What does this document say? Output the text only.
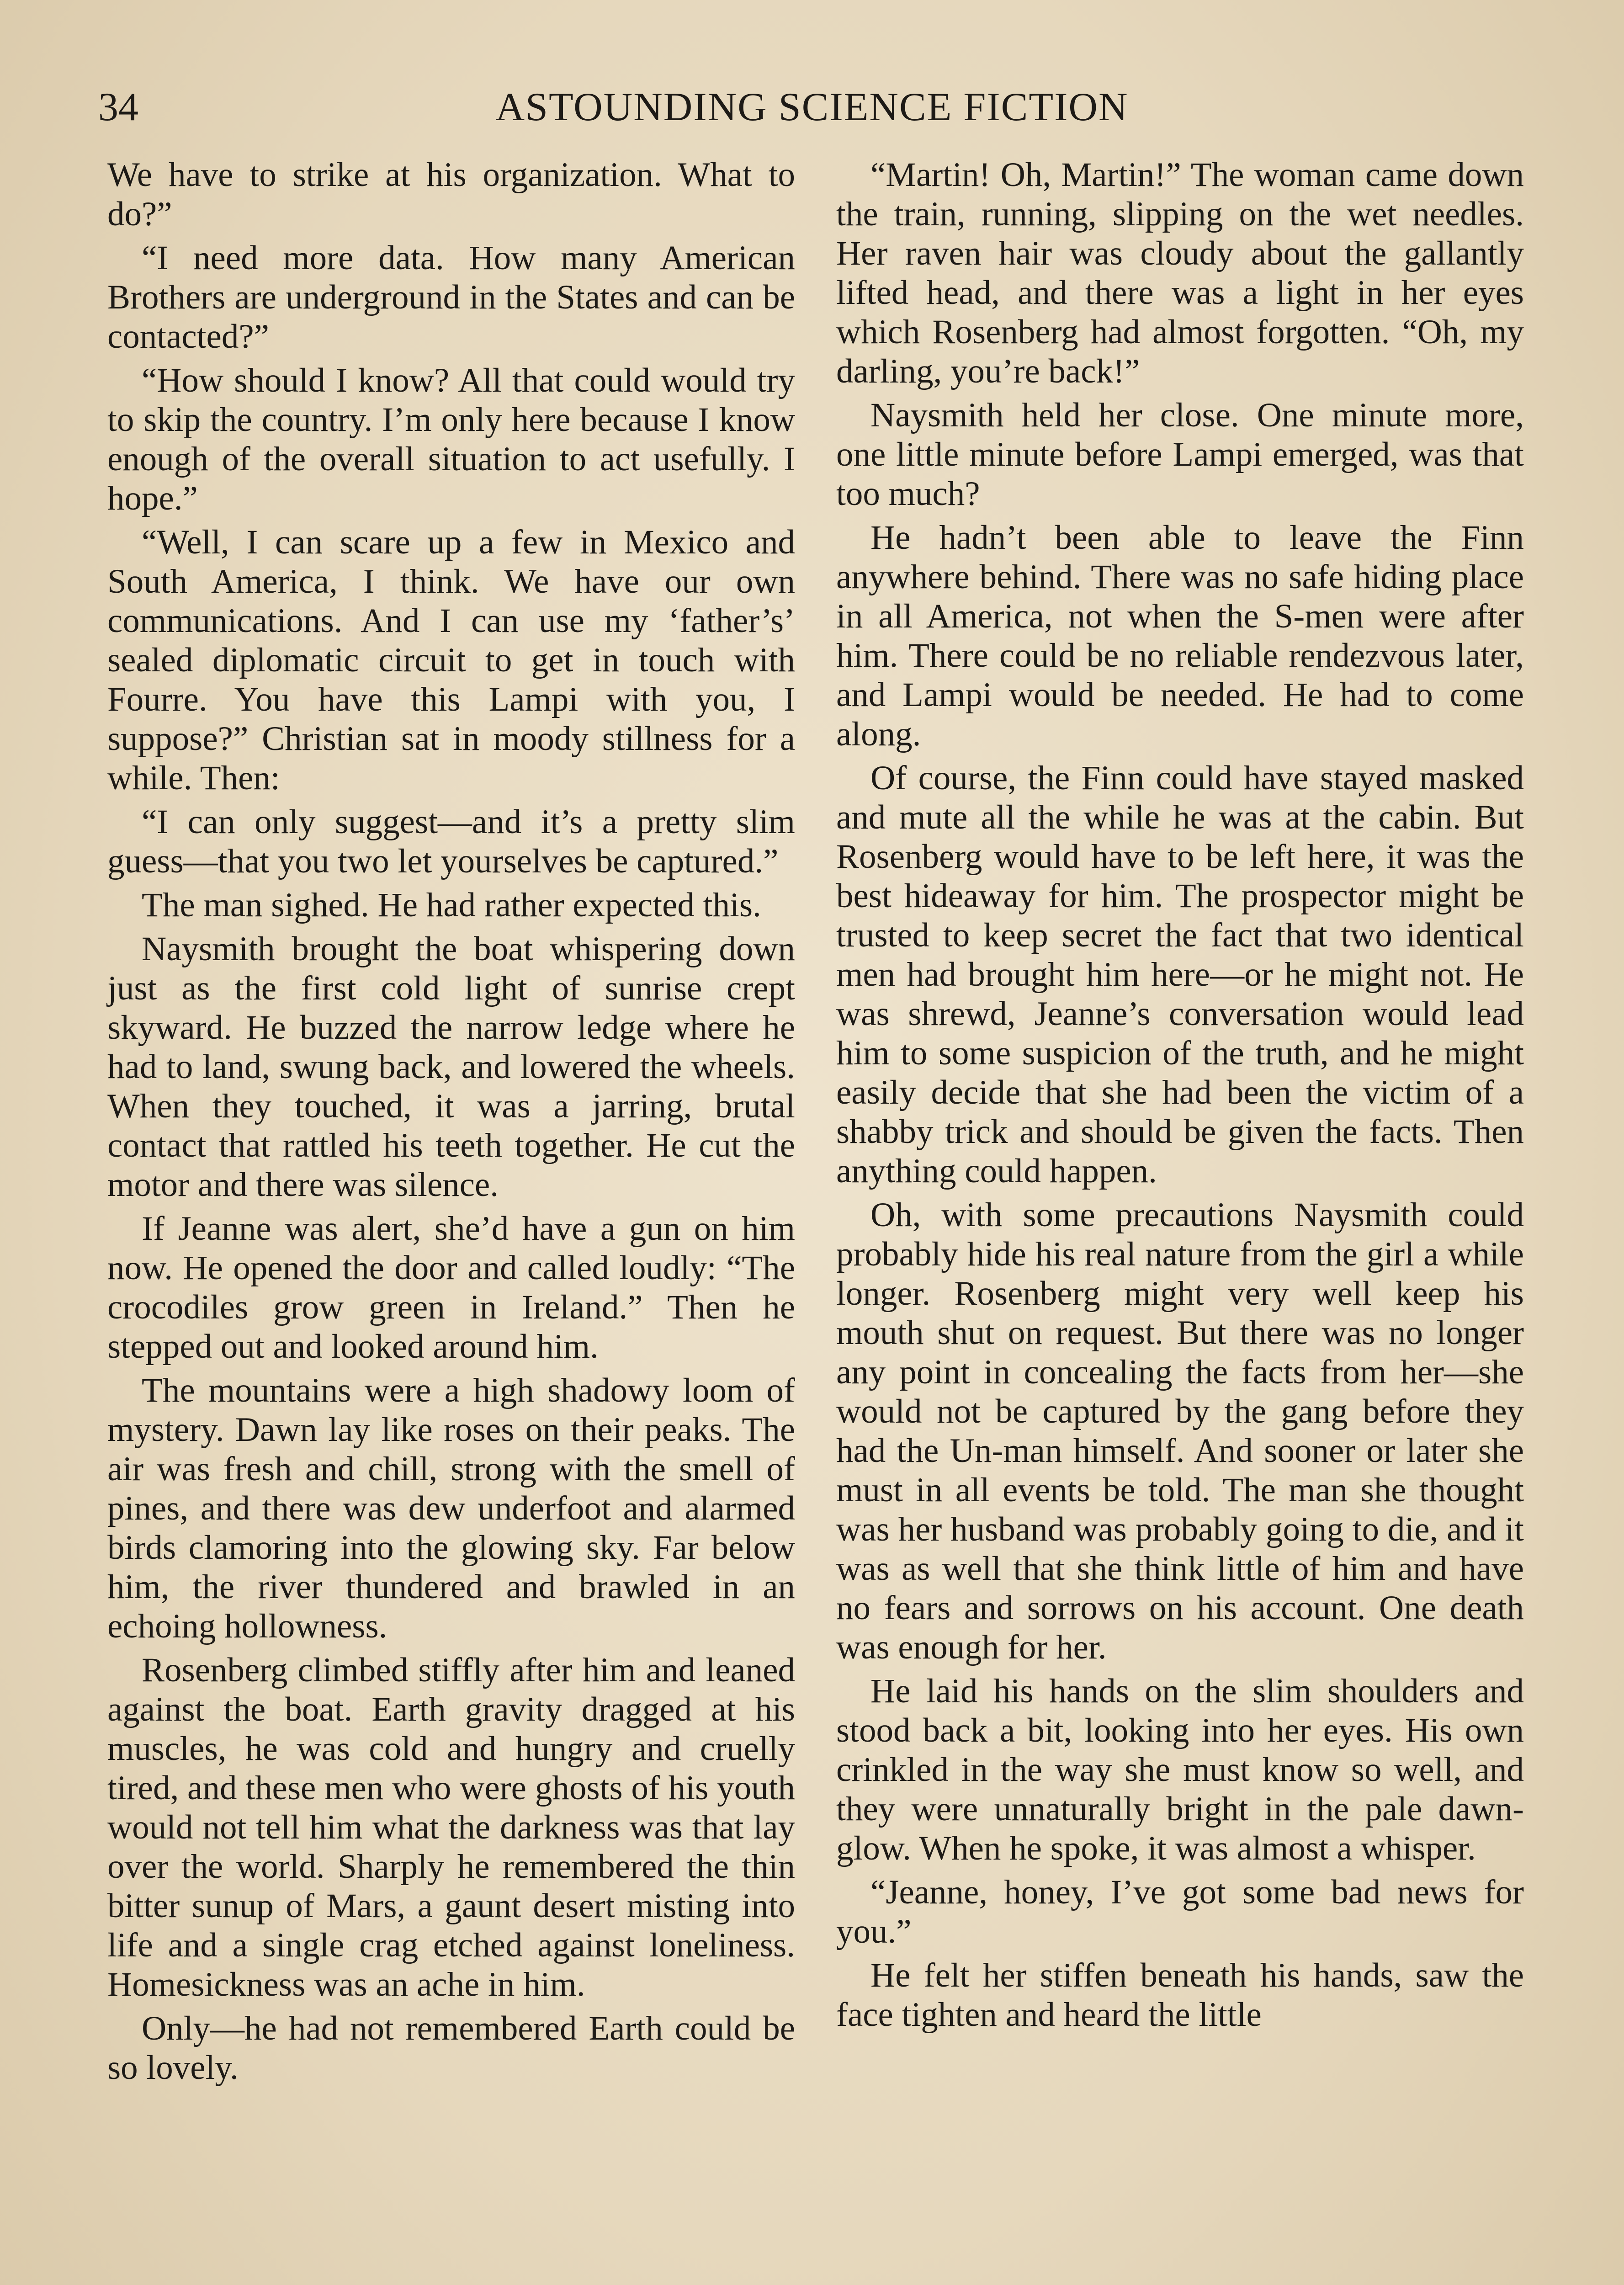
34	ASTOUNDING SCIENCE FICTION

We have to strike at his organization. What to do?”

“I need more data. How many American Brothers are underground in the States and can be contacted?”

“How should I know? All that could would try to skip the country. I’m only here because I know enough of the overall situation to act usefully. I hope.”

“Well, I can scare up a few in Mexico and South America, I think. We have our own communications. And I can use my ‘father’s’ sealed diplomatic circuit to get in touch with Fourre. You have this Lampi with you, I suppose?” Christian sat in moody stillness for a while. Then:

“I can only suggest—and it’s a pretty slim guess—that you two let yourselves be captured.”

The man sighed. He had rather expected this.

Naysmith brought the boat whispering down just as the first cold light of sunrise crept skyward. He buzzed the narrow ledge where he had to land, swung back, and lowered the wheels. When they touched, it was a jarring, brutal contact that rattled his teeth together. He cut the motor and there was silence.

If Jeanne was alert, she’d have a gun on him now. He opened the door and called loudly: “The crocodiles grow green in Ireland.” Then he stepped out and looked around him.

The mountains were a high shadowy loom of mystery. Dawn lay like roses on their peaks. The air was fresh and chill, strong with the smell of pines, and there was dew underfoot and alarmed birds clamoring into the glowing sky. Far below him, the river thundered and brawled in an echoing hollowness.

Rosenberg climbed stiffly after him and leaned against the boat. Earth gravity dragged at his muscles, he was cold and hungry and cruelly tired, and these men who were ghosts of his youth would not tell him what the darkness was that lay over the world. Sharply he remembered the thin bitter sunup of Mars, a gaunt desert misting into life and a single crag etched against loneliness. Homesickness was an ache in him.

Only—he had not remembered Earth could be so lovely.

“Martin! Oh, Martin!” The woman came down the train, running, slipping on the wet needles. Her raven hair was cloudy about the gallantly lifted head, and there was a light in her eyes which Rosenberg had almost forgotten. “Oh, my darling, you’re back!”

Naysmith held her close. One minute more, one little minute before Lampi emerged, was that too much?

He hadn’t been able to leave the Finn anywhere behind. There was no safe hiding place in all America, not when the S-men were after him. There could be no reliable rendezvous later, and Lampi would be needed. He had to come along.

Of course, the Finn could have stayed masked and mute all the while he was at the cabin. But Rosenberg would have to be left here, it was the best hideaway for him. The prospector might be trusted to keep secret the fact that two identical men had brought him here—or he might not. He was shrewd, Jeanne’s conversation would lead him to some suspicion of the truth, and he might easily decide that she had been the victim of a shabby trick and should be given the facts. Then anything could happen.

Oh, with some precautions Naysmith could probably hide his real nature from the girl a while longer. Rosenberg might very well keep his mouth shut on request. But there was no longer any point in concealing the facts from her—she would not be captured by the gang before they had the Un-man himself. And sooner or later she must in all events be told. The man she thought was her husband was probably going to die, and it was as well that she think little of him and have no fears and sorrows on his account. One death was enough for her.

He laid his hands on the slim shoulders and stood back a bit, looking into her eyes. His own crinkled in the way she must know so well, and they were unnaturally bright in the pale dawn-glow. When he spoke, it was almost a whisper.

“Jeanne, honey, I’ve got some bad news for you.”

He felt her stiffen beneath his hands, saw the face tighten and heard the little
